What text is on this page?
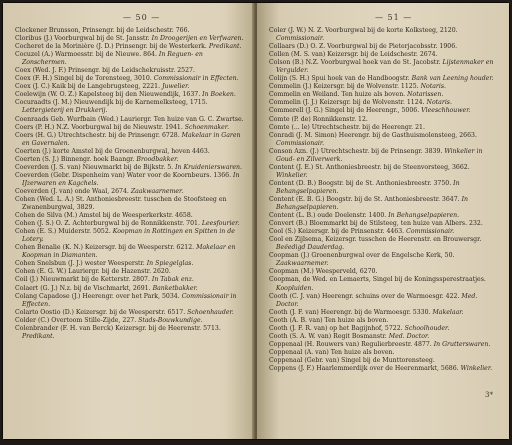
— 50 —
Clockener Brunsson, Prinsengr. bij de Leidschestr. 766.
Cloribus (J.) Voorburgwal bij de St. Jansstr. In Droogerijen en Verfwaren.
Cocheret de la Morinière (J. D.) Prinsengr. bij de Westerkerk. Predikant.
Cocuzel (A.) Warmoesstr. bij de Nieuwe. 864. In Reguen- en Zonschermen.
Coex (Wed. J. F.) Prinsengr. bij de Leidschekruisstr. 2527.
Coex (F. H.) Singel bij de Torensteeg, 3010. Commissionair in Effecten.
Coex (J. C.) Kaik bij de Langebrugsteeg, 2221. Juwelier.
Coelewijn (W. O. Z.) Kapelsteeg bij den Nieuwendijk, 1637. In Boeken.
Cocuraadts (J. M.) Nieuwendijk bij de Karnemelksteeg, 1715. Lettergieterij en Drukkerij.
Coenraads Geb. Wurfbain (Wed.) Lauriergr. Ten huize van G. C. Zwartse.
Coers (P. H.) N.Z. Voorburgwal bij de Nieuwstr. 1941. Schoenmaker.
Coers (H. G.) Utrechtschestr. bij de Prinsengr. 6728. Makelaar in Garen en Gavernalen.
Coerten (J.) korte Amstel bij de Groenenburgwal, hoven 4463.
Coerten (S. J.) Binnengr. hoek Baangr. Broodbakker.
Coeverden (J. S. van) Nieuwmarkt bij de Bijkstr. 5. In Kruidenierswaren.
Coeverden (Gebr. Dispenheim van) Water voor de Koornbeurs. 1366. In IJzerwaren en Kagchels.
Coeverden (J. van) onde Waal, 2674. Zaakwaarnemer.
Cohen (Wed. L. A.) St. Anthoniesbreestr. tusschen de Stoofsteeg en Zwanenburgwal, 3829.
Cohen de Silva (M.) Amstel bij de Weesperkerkstr. 4658.
Cohen (J. S.) O. Z. Achterburgwal bij de Ronnikkenstr. 701. Leesfourier.
Cohen (E. S.) Muiderstr. 5052. Koopman in Rottingen en Spitten in de Lotery.
Cohen Benalie (K. N.) Keizersgr. bij de Weesperstr. 6212. Makelaar en Koopman in Diamanten.
Cohen Snelsbun (J. J.) wester Weesperstr. In Spiegelglas.
Cohen (E. G. W.) Lauriergr. bij de Hazenstr. 2620.
Coil (J.) Nieuwmarkt bij de Ketterstr. 2807. In Tabak enz.
Colaert (G. J.) N.z. bij de Vischmarkt, 2691. Banketbakker.
Colang Capadose (J.) Heerengr. over het Park, 5034. Commissionair in Effecten.
Colarto Oostio (D.) Keizersgr. bij de Weesperstr. 6517. Schoenhauder.
Colder (C.) Overtoom Stille-Zijde, 227. Stads-Bouwkundige.
Colenbrander (F. H. van Berck) Keizersgr. bij de Heerenstr. 5713. Predikant.
— 51 —
Coler (J. W.) N. Z. Voorburgwal bij de korte Kolksteeg, 2120. Commissionair.
Collaars (D.) O. Z. Voorburgwal bij de Pieterjacobsstr. 1906.
Collen (M. S. van) Keizersgr. bij de Leidschestr. 2674.
Colson (B.) N.Z. Voorburgwal hoek van de St. Jacobstr. Lijstenmaker en Vergulder.
Colijn (S. H.) Spui hoek van de Handboogstr. Bank van Leening houder.
Commelin (J.) Keizersgr. bij de Wolvenstr. 1125. Notaris.
Commelin en Weiland. Ten huize als boven. Notarissen.
Commelin (J. J.) Keizersgr. bij de Wolvenstr. 1124. Notaris.
Commerell (J. G.) Singel bij de Heerengr., 5006. Vleeschhouwer.
Comte (P. de) Ronnikkenstr. 12.
Comte (... le) Utrechtschestr. bij de Heerengr. 21.
Conradi (J. M. Simon) Heerengr. bij de Gasthuismolensteeg, 2663. Commissionair.
Conson Azn. (J.) Utrechtschestr. bij de Prinsengr. 3839. Winkelier in Goud- en Zilverwerk.
Content (J. E.) St. Anthoniesbreestr. bij de Steenvorsteeg, 3662. Winkelier.
Content (D. B.) Boogstr. bij de St. Anthoniesbreestr. 3750. In Behangselpapieren.
Content (E. B. G.) Boogstr. bij de St. Anthoniesbreestr. 3647. In Behangselpapieren.
Content (L. B.) oude Doelenstr. 1400. In Behangselpapieren.
Convert (B.) Bloemmarkt bij de Stilsteeg, ten huize van Albers. 232.
Cool (S.) Keizersgr. bij de Prinsenstr. 4463. Commissionair.
Cool en Zijlsema, Keizersgr. tusschen de Heerenstr. en Brouwersgr. Beëedigd Dauderdag.
Coopman (J.) Groenenburgwal over de Engelsche Kerk, 50. Zaakwaarnemer.
Coopman (M.) Weesperveld, 6270.
Coopman, de Wed. en Lemaerts, Singel bij de Koningssperestraatjes. Koopluiden.
Cooth (C. J. van) Heerengr. schuins over de Warmoesgr. 422. Med. Doctor.
Cooth (J. F. van) Heerengr. bij de Warmoesgr. 5330. Makelaar.
Cooth (A. B. van) Ten huize als boven.
Cooth (J. F. R. van) op het Bagijnhof, 5722. Schoolhouder.
Cooth (S. A. W. van) Regit Bosmanstr. Med. Doctor.
Coppenaal (H. Rouwers van) Regulierbreestr. 4877. In Grutterswaren.
Coppenaal (A. van) Ten huize als boven.
Coppenaal (Gebr. van) Singel bij de Munttorensteeg.
Coppens (J. F.) Haarlemmerdijk over de Heerenmarkt, 5686. Winkelier.
3*
